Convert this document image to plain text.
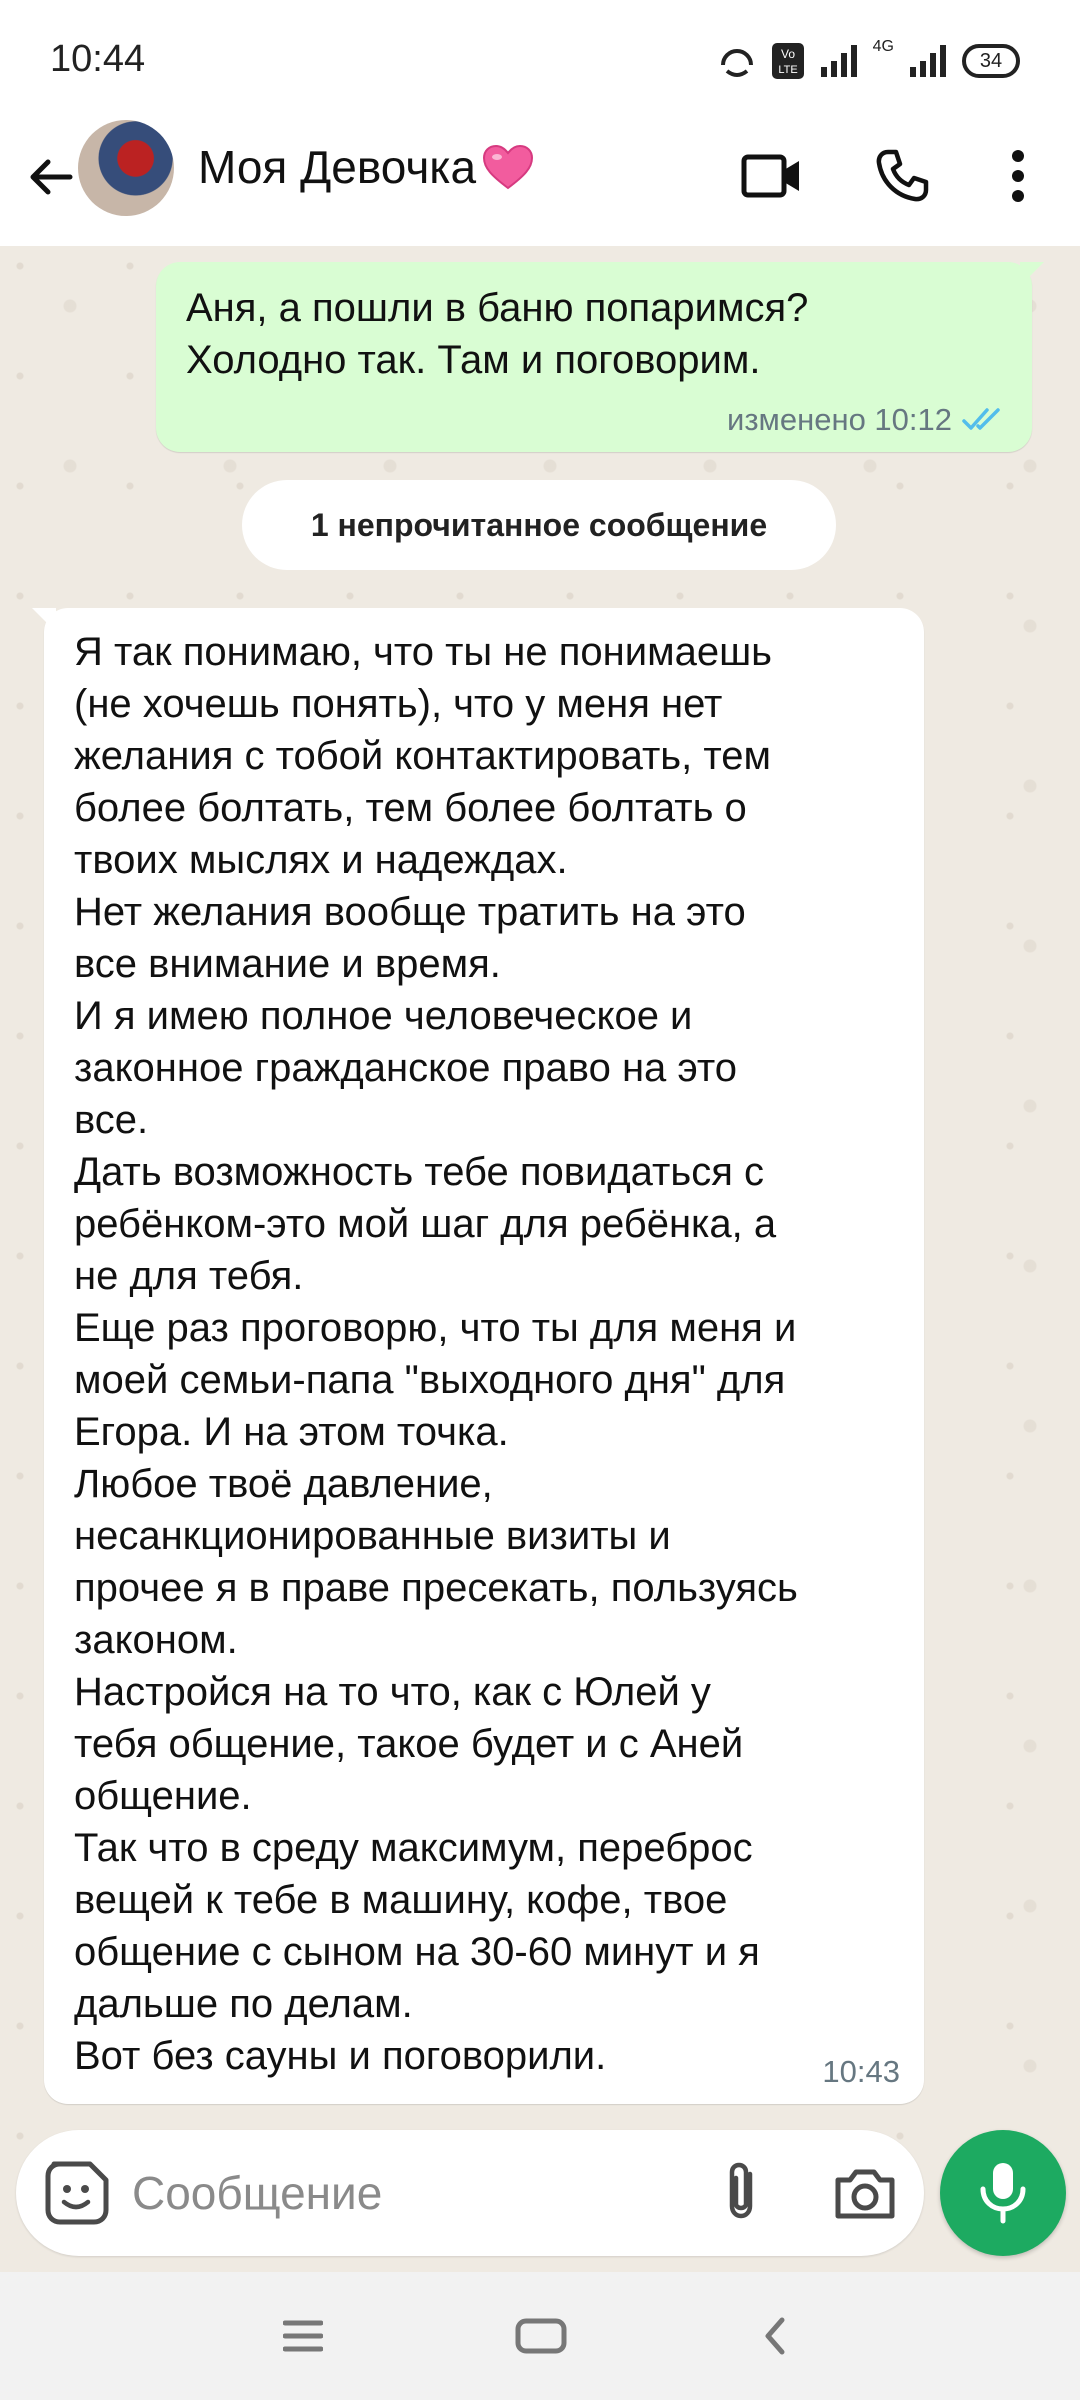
10:44	Vo
LTE
4G
34
Моя Девочка
Аня, а пошли в баню попаримся?
Холодно так. Там и поговорим.
изменено 10:12
1 непрочитанное сообщение
Я так понимаю, что ты не понимаешь
(не хочешь понять), что у меня нет
желания с тобой контактировать, тем
более болтать, тем более болтать о
твоих мыслях и надеждах.
Нет желания вообще тратить на это
все внимание и время.
И я имею полное человеческое и
законное гражданское право на это
все.
Дать возможность тебе повидаться с
ребёнком-это мой шаг для ребёнка, а
не для тебя.
Еще раз проговорю, что ты для меня и
моей семьи-папа "выходного дня" для
Егора. И на этом точка.
Любое твоё давление,
несанкционированные визиты и
прочее я в праве пресекать, пользуясь
законом.
Настройся на то что, как с Юлей у
тебя общение, такое будет и с Аней
общение.
Так что в среду максимум, переброс
вещей к тебе в машину, кофе, твое
общение с сыном на 30-60 минут и я
дальше по делам.
Вот без сауны и поговорили.	10:43
Сообщение
